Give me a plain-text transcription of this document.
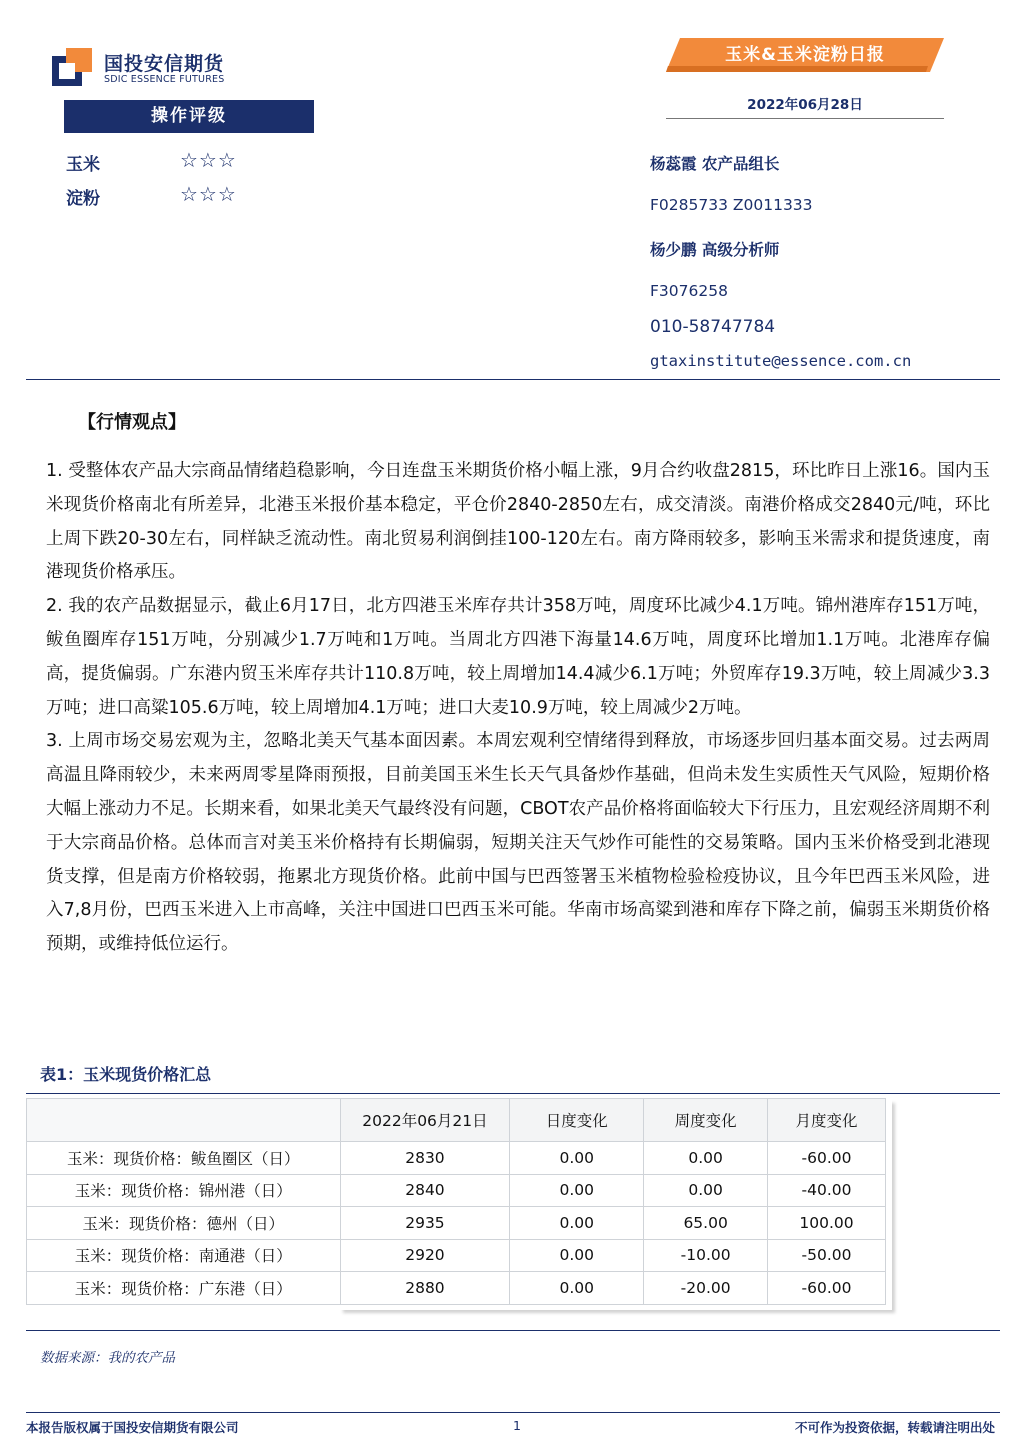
国投安信期货
SDIC ESSENCE FUTURES
玉米&玉米淀粉日报
2022年06月28日
操作评级
玉米	☆☆☆
淀粉	☆☆☆
杨蕊霞 农产品组长
F0285733 Z0011333
杨少鹏 高级分析师
F3076258
010-58747784
gtaxinstitute@essence.com.cn
【行情观点】

1. 受整体农产品大宗商品情绪趋稳影响，今日连盘玉米期货价格小幅上涨，9月合约收盘2815，环比昨日上涨16。国内玉米现货价格南北有所差异，北港玉米报价基本稳定，平仓价2840-2850左右，成交清淡。南港价格成交2840元/吨，环比上周下跌20-30左右，同样缺乏流动性。南北贸易利润倒挂100-120左右。南方降雨较多，影响玉米需求和提货速度，南港现货价格承压。

2. 我的农产品数据显示，截止6月17日，北方四港玉米库存共计358万吨，周度环比减少4.1万吨。锦州港库存151万吨，鲅鱼圈库存151万吨，分别减少1.7万吨和1万吨。当周北方四港下海量14.6万吨，周度环比增加1.1万吨。北港库存偏高，提货偏弱。广东港内贸玉米库存共计110.8万吨，较上周增加14.4减少6.1万吨；外贸库存19.3万吨，较上周减少3.3万吨；进口高粱105.6万吨，较上周增加4.1万吨；进口大麦10.9万吨，较上周减少2万吨。

3. 上周市场交易宏观为主，忽略北美天气基本面因素。本周宏观利空情绪得到释放，市场逐步回归基本面交易。过去两周高温且降雨较少，未来两周零星降雨预报，目前美国玉米生长天气具备炒作基础，但尚未发生实质性天气风险，短期价格大幅上涨动力不足。长期来看，如果北美天气最终没有问题，CBOT农产品价格将面临较大下行压力，且宏观经济周期不利于大宗商品价格。总体而言对美玉米价格持有长期偏弱，短期关注天气炒作可能性的交易策略。国内玉米价格受到北港现货支撑，但是南方价格较弱，拖累北方现货价格。此前中国与巴西签署玉米植物检验检疫协议，且今年巴西玉米风险，进入7,8月份，巴西玉米进入上市高峰，关注中国进口巴西玉米可能。华南市场高粱到港和库存下降之前，偏弱玉米期货价格预期，或维持低位运行。

表1：玉米现货价格汇总
	2022年06月21日	日度变化	周度变化	月度变化
玉米：现货价格：鲅鱼圈区（日）	2830	0.00	0.00	-60.00
玉米：现货价格：锦州港（日）	2840	0.00	0.00	-40.00
玉米：现货价格：德州（日）	2935	0.00	65.00	100.00
玉米：现货价格：南通港（日）	2920	0.00	-10.00	-50.00
玉米：现货价格：广东港（日）	2880	0.00	-20.00	-60.00
数据来源：我的农产品
本报告版权属于国投安信期货有限公司	1	不可作为投资依据，转载请注明出处
